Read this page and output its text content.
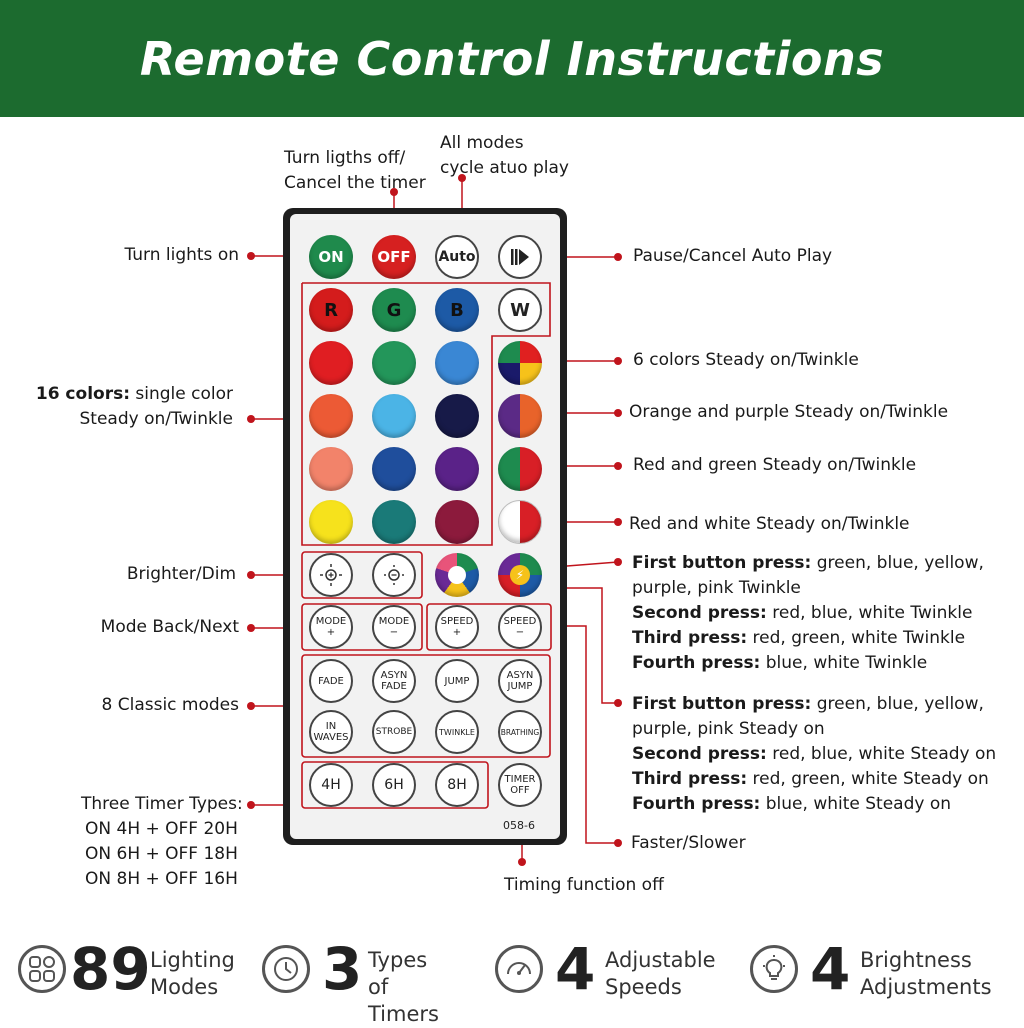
Remote Control Instructions
ON	OFF	Auto
R	G	B	W
⚡
MODE
+
MODE
−
SPEED
+
SPEED
−
FADE	ASYN
FADE	JUMP	ASYN
JUMP
IN
WAVES
STROBE	TWINKLE	BRATHING
4H	6H	8H	TIMER
OFF
058-6
Turn ligths off/
Cancel the timer
All modes
cycle atuo play
Turn lights on
16 colors: single color
Steady on/Twinkle
Brighter/Dim
Mode Back/Next
8 Classic modes
Three Timer Types:
ON 4H + OFF 20H
ON 6H + OFF 18H
ON 8H + OFF 16H
Pause/Cancel Auto Play
6 colors Steady on/Twinkle
Orange and purple Steady on/Twinkle
Red and green Steady on/Twinkle
Red and white Steady on/Twinkle
First button press: green, blue, yellow,
purple, pink Twinkle
Second press: red, blue, white Twinkle
Third press: red, green, white Twinkle
Fourth press: blue, white Twinkle
First button press: green, blue, yellow,
purple, pink Steady on
Second press: red, blue, white Steady on
Third press: red, green, white Steady on
Fourth press: blue, white Steady on
Faster/Slower
Timing function off
89 Lighting
Modes 3 Types
of Timers
4 Adjustable
Speeds	4 Brightness
Adjustments
